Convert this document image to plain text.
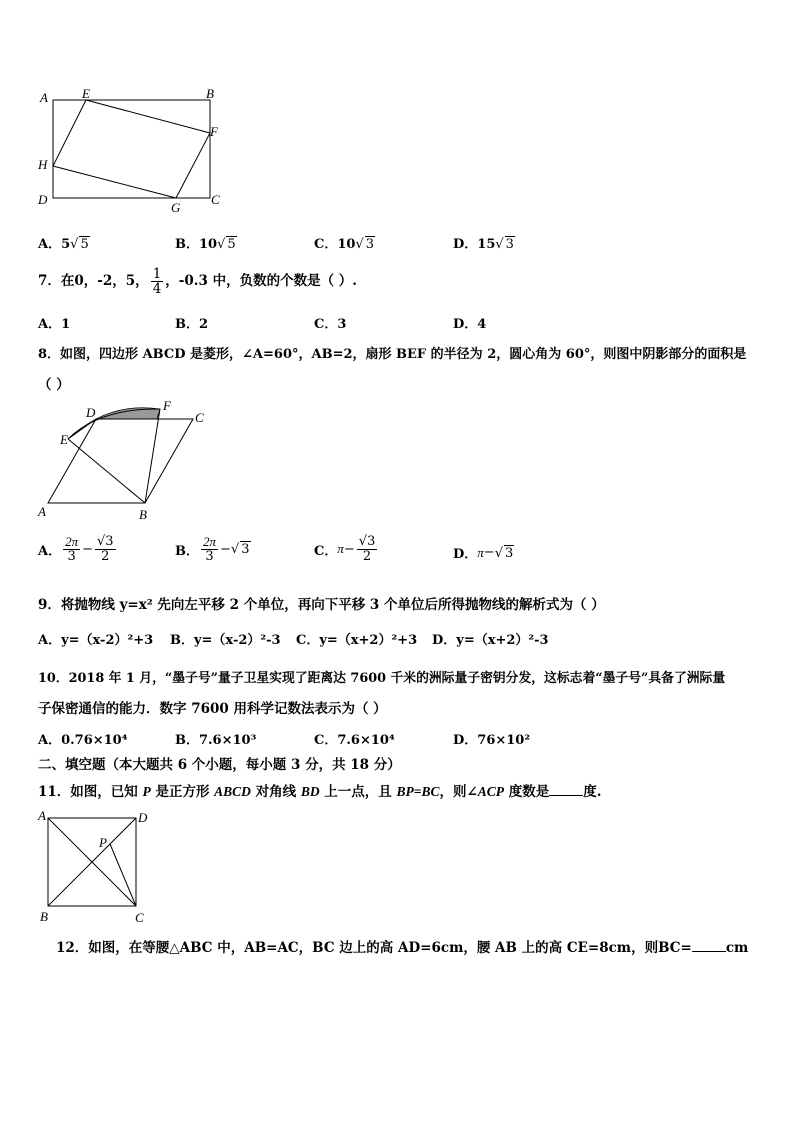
A	E	B
F
H
D
G
C
A．5√ 5	B．10√ 5	C．10√ 3	D．15√ 3
7．在0，-2，5， $\frac{1}{4}$ ，-0.3 中，负数的个数是（ ）.
A．1	B．2	C．3	D．4
8．如图，四边形 ABCD 是菱形，∠A=60°，AB=2，扇形 BEF 的半径为 2，圆心角为 60°，则图中阴影部分的面积是
（ ）
D	F
C
E
A	B
A． $\frac{2\pi}{3} - \frac{√3}{2}$	B． $\frac{2\pi}{3}$ − √ 3	C． $\pi - \frac{√3}{2}$	D． π − √ 3
9．将抛物线 y=x² 先向左平移 2 个单位，再向下平移 3 个单位后所得抛物线的解析式为（ ）
A．y=（x-2）²+3 B．y=（x-2）²-3 C．y=（x+2）²+3 D．y=（x+2）²-3
10．2018 年 1 月，“墨子号”量子卫星实现了距离达 7600 千米的洲际量子密钥分发，这标志着“墨子号”具备了洲际量
子保密通信的能力．数字 7600 用科学记数法表示为（ ）
A．0.76×10⁴	B．7.6×10³	C．7.6×10⁴	D．76×10²
二、填空题（本大题共 6 个小题，每小题 3 分，共 18 分）
11．如图，已知 P 是正方形 ABCD 对角线 BD 上一点，且 BP=BC，则∠ACP 度数是	度.
A	D
P
B	C
12．如图，在等腰△ABC 中，AB=AC，BC 边上的高 AD=6cm，腰 AB 上的高 CE=8cm，则BC=	cm
